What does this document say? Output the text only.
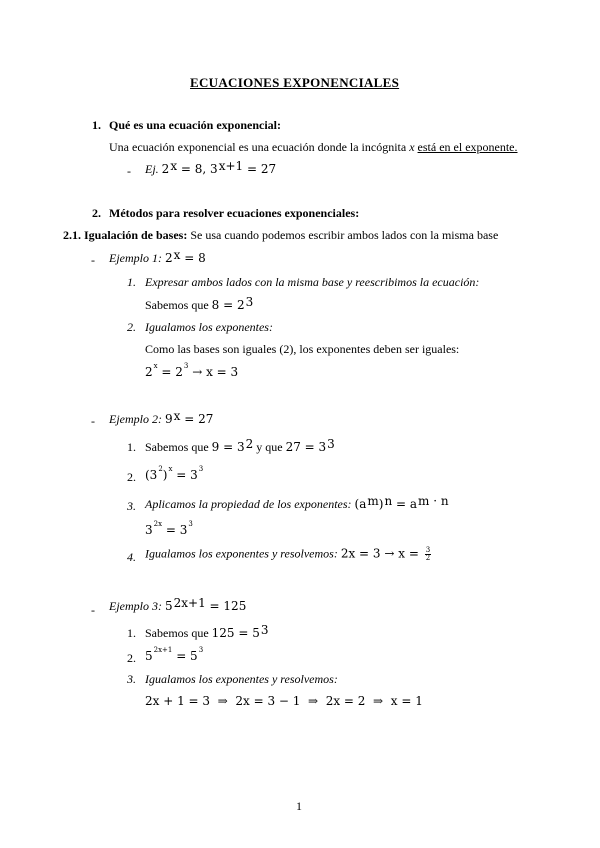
ECUACIONES EXPONENCIALES
1. Qué es una ecuación exponencial:
Una ecuación exponencial es una ecuación donde la incógnita x está en el exponente.
- Ej. $2^x = 8$, $3^{x+1} = 27$
2. Métodos para resolver ecuaciones exponenciales:
2.1. Igualación de bases: Se usa cuando podemos escribir ambos lados con la misma base
- Ejemplo 1: $2^x = 8$
1. Expresar ambos lados con la misma base y reescribimos la ecuación:
Sabemos que $8 = 2^3$
2. Igualamos los exponentes:
Como las bases son iguales (2), los exponentes deben ser iguales:
$2^x = 2^3 \to x = 3$
- Ejemplo 2: $9^x = 27$
1. Sabemos que $9 = 3^2$ y que $27 = 3^3$
2. $(3^2)^x = 3^3$
3. Aplicamos la propiedad de los exponentes: $(a^m)^n = a^{m \cdot n}$
$3^{2x} = 3^3$
4. Igualamos los exponentes y resolvemos: $2x = 3 \to x = \frac{3}{2}$
- Ejemplo 3: $5^{2x+1} = 125$
1. Sabemos que $125 = 5^3$
2. $5^{2x+1} = 5^3$
3. Igualamos los exponentes y resolvemos:
2x + 1 = 3  ⇒  2x = 3 − 1  ⇒  2x = 2  ⇒  x = 1
1
